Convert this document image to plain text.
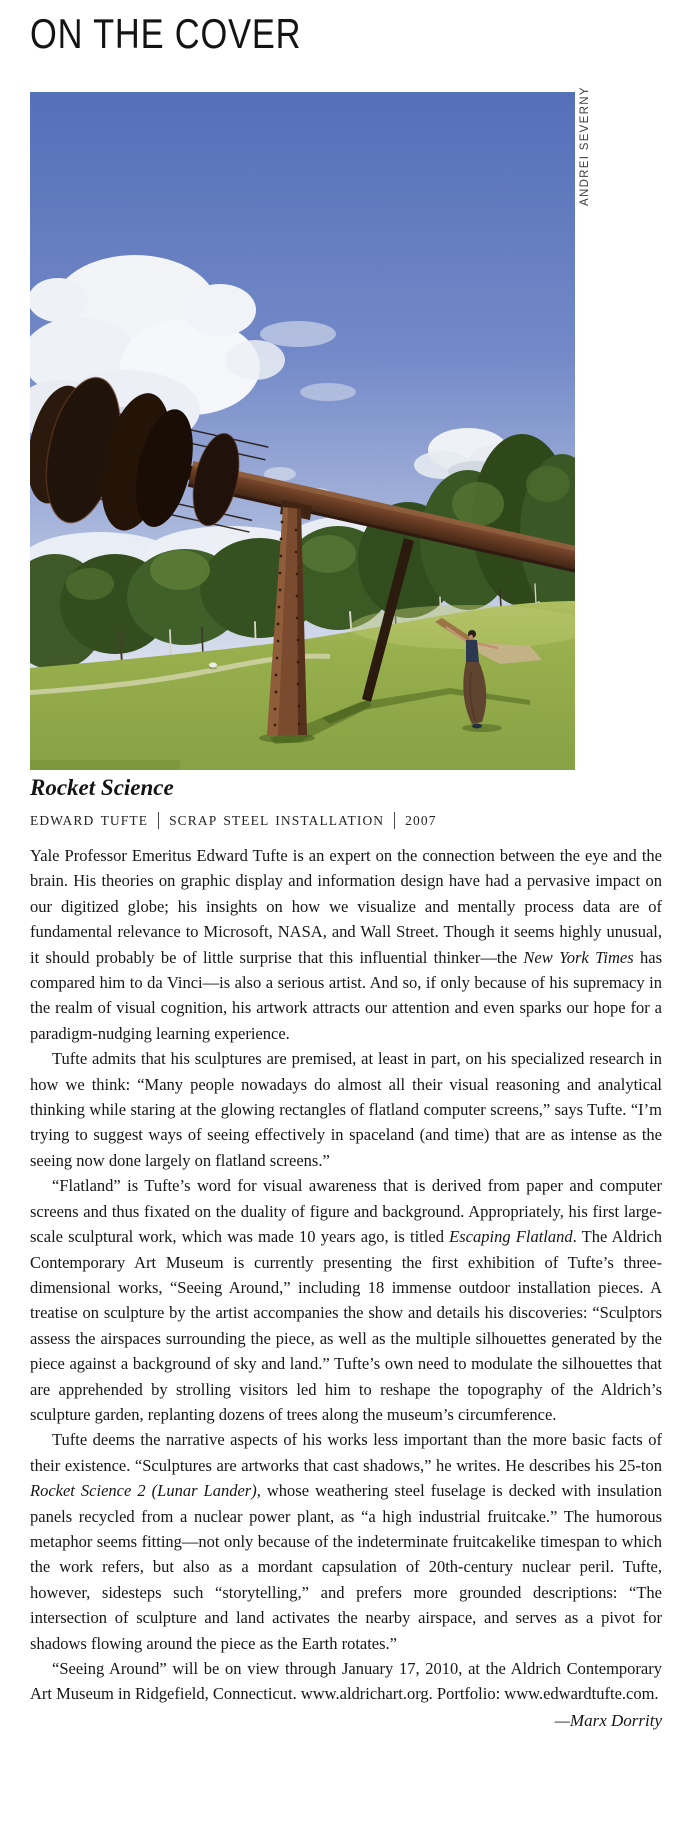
ON THE COVER
ANDREI SEVERNY
Rocket Science
EDWARD TUFTE SCRAP STEEL INSTALLATION 2007

Yale Professor Emeritus Edward Tufte is an expert on the connection between the eye and the brain. His theories on graphic display and information design have had a pervasive impact on our digitized globe; his insights on how we visualize and mentally process data are of fundamental relevance to Microsoft, NASA, and Wall Street. Though it seems highly unusual, it should probably be of little surprise that this influential thinker—the New York Times has compared him to da Vinci—is also a serious artist. And so, if only because of his supremacy in the realm of visual cognition, his artwork attracts our attention and even sparks our hope for a paradigm-nudging learning experience.

Tufte admits that his sculptures are premised, at least in part, on his specialized research in how we think: “Many people nowadays do almost all their visual reasoning and analytical thinking while staring at the glowing rectangles of flatland computer screens,” says Tufte. “I’m trying to suggest ways of seeing effectively in spaceland (and time) that are as intense as the seeing now done largely on flatland screens.”

“Flatland” is Tufte’s word for visual awareness that is derived from paper and computer screens and thus fixated on the duality of figure and background. Appropriately, his first large-scale sculptural work, which was made 10 years ago, is titled Escaping Flatland. The Aldrich Contemporary Art Museum is currently presenting the first exhibition of Tufte’s three-dimensional works, “Seeing Around,” including 18 immense outdoor installation pieces. A treatise on sculpture by the artist accompanies the show and details his discoveries: “Sculptors assess the airspaces surrounding the piece, as well as the multiple silhouettes generated by the piece against a background of sky and land.” Tufte’s own need to modulate the silhouettes that are apprehended by strolling visitors led him to reshape the topography of the Aldrich’s sculpture garden, replanting dozens of trees along the museum’s circumference.

Tufte deems the narrative aspects of his works less important than the more basic facts of their existence. “Sculptures are artworks that cast shadows,” he writes. He describes his 25-ton Rocket Science 2 (Lunar Lander), whose weathering steel fuselage is decked with insulation panels recycled from a nuclear power plant, as “a high industrial fruitcake.” The humorous metaphor seems fitting—not only because of the indeterminate fruitcakelike timespan to which the work refers, but also as a mordant capsulation of 20th-century nuclear peril. Tufte, however, sidesteps such “storytelling,” and prefers more grounded descriptions: “The intersection of sculpture and land activates the nearby airspace, and serves as a pivot for shadows flowing around the piece as the Earth rotates.”

“Seeing Around” will be on view through January 17, 2010, at the Aldrich Contemporary Art Museum in Ridgefield, Connecticut. www.aldrichart.org. Portfolio: www.edwardtufte.com.

—Marx Dorrity
